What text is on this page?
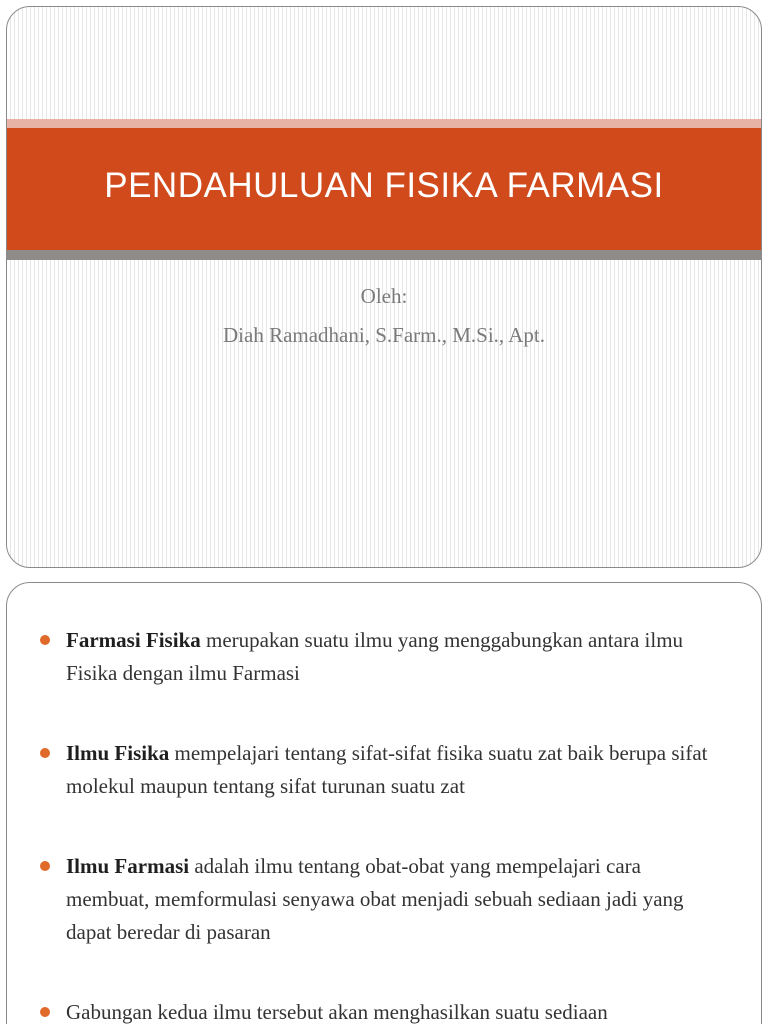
PENDAHULUAN FISIKA FARMASI
Oleh:
Diah Ramadhani, S.Farm., M.Si., Apt.
Farmasi Fisika merupakan suatu ilmu yang menggabungkan antara ilmu Fisika dengan ilmu Farmasi
Ilmu Fisika mempelajari tentang sifat-sifat fisika suatu zat baik berupa sifat molekul maupun tentang sifat turunan suatu zat
Ilmu Farmasi adalah ilmu tentang obat-obat yang mempelajari cara membuat, memformulasi senyawa obat menjadi sebuah sediaan jadi yang dapat beredar di pasaran
Gabungan kedua ilmu tersebut akan menghasilkan suatu sediaan
